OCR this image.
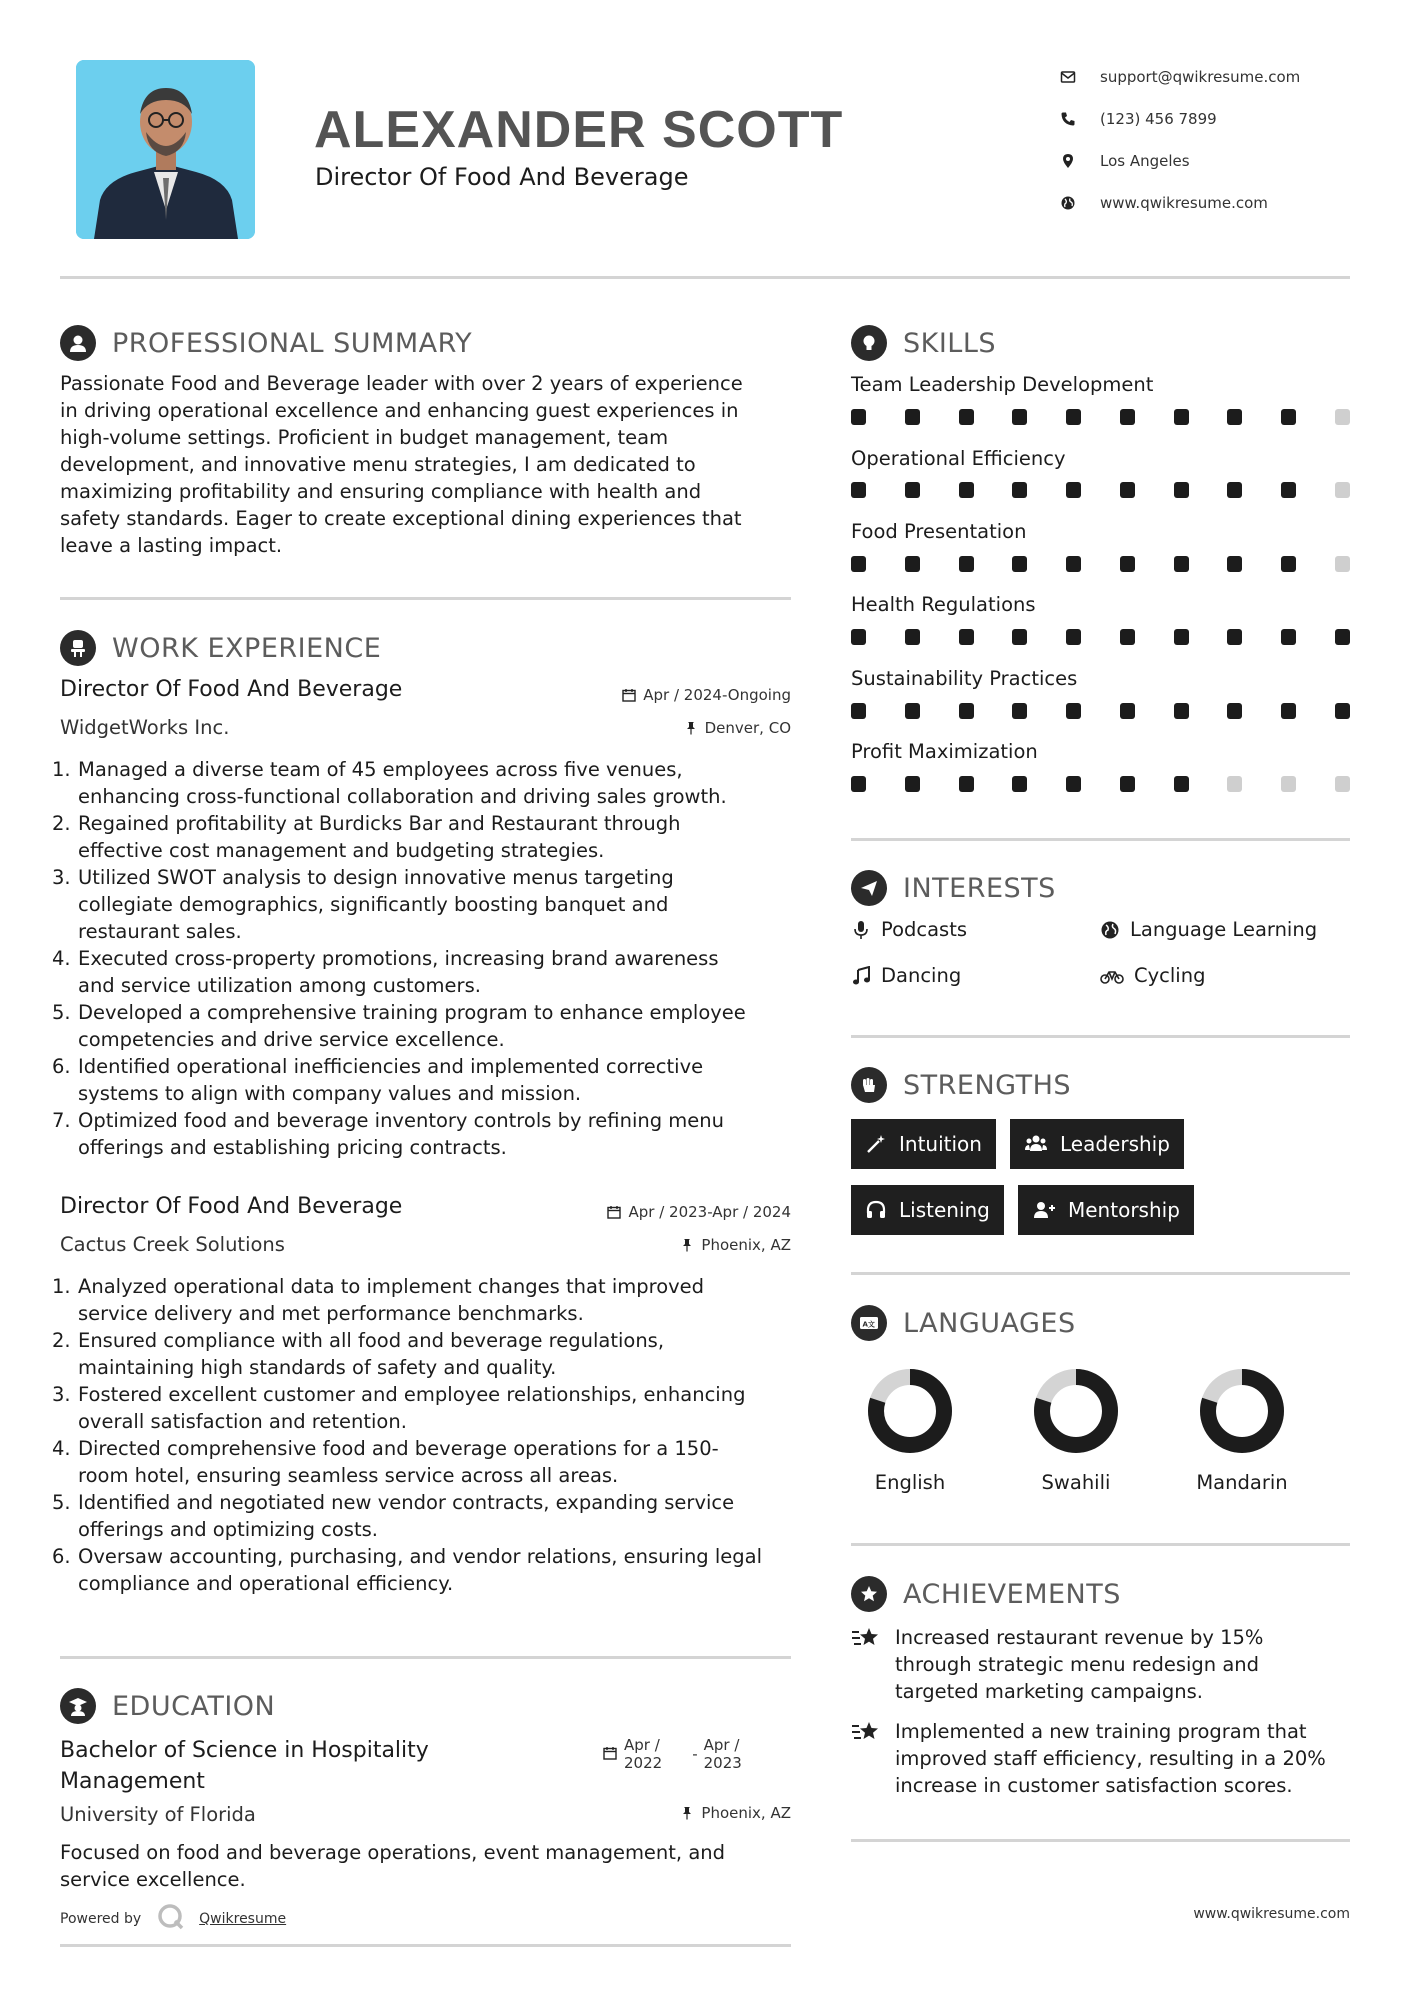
ALEXANDER SCOTT
Director Of Food And Beverage
support@qwikresume.com
(123) 456 7899
Los Angeles
www.qwikresume.com
PROFESSIONAL SUMMARY
Passionate Food and Beverage leader with over 2 years of experience
in driving operational excellence and enhancing guest experiences in
high-volume settings. Proficient in budget management, team
development, and innovative menu strategies, I am dedicated to
maximizing profitability and ensuring compliance with health and
safety standards. Eager to create exceptional dining experiences that
leave a lasting impact.
WORK EXPERIENCE
Director Of Food And Beverage	Apr / 2024-Ongoing
WidgetWorks Inc.	Denver, CO
1. Managed a diverse team of 45 employees across five venues,
enhancing cross-functional collaboration and driving sales growth.
2. Regained profitability at Burdicks Bar and Restaurant through
effective cost management and budgeting strategies.
3. Utilized SWOT analysis to design innovative menus targeting
collegiate demographics, significantly boosting banquet and
restaurant sales.
4. Executed cross-property promotions, increasing brand awareness
and service utilization among customers.
5. Developed a comprehensive training program to enhance employee
competencies and drive service excellence.
6. Identified operational inefficiencies and implemented corrective
systems to align with company values and mission.
7. Optimized food and beverage inventory controls by refining menu
offerings and establishing pricing contracts.
Director Of Food And Beverage	Apr / 2023-Apr / 2024
Cactus Creek Solutions	Phoenix, AZ
1. Analyzed operational data to implement changes that improved
service delivery and met performance benchmarks.
2. Ensured compliance with all food and beverage regulations,
maintaining high standards of safety and quality.
3. Fostered excellent customer and employee relationships, enhancing
overall satisfaction and retention.
4. Directed comprehensive food and beverage operations for a 150-
room hotel, ensuring seamless service across all areas.
5. Identified and negotiated new vendor contracts, expanding service
offerings and optimizing costs.
6. Oversaw accounting, purchasing, and vendor relations, ensuring legal
compliance and operational efficiency.
EDUCATION
Bachelor of Science in Hospitality
Management
Apr /
2022 - Apr /
2023
University of Florida	Phoenix, AZ
Focused on food and beverage operations, event management, and
service excellence.
SKILLS
Team Leadership Development
Operational Efficiency
Food Presentation
Health Regulations
Sustainability Practices
Profit Maximization
INTERESTS
Podcasts	Language Learning
Dancing	Cycling
STRENGTHS
Intuition	Leadership
Listening	Mentorship
A文 LANGUAGES
English	Swahili	Mandarin
ACHIEVEMENTS
Increased restaurant revenue by 15%
through strategic menu redesign and
targeted marketing campaigns.
Implemented a new training program that
improved staff efficiency, resulting in a 20%
increase in customer satisfaction scores.
Powered by	Qwikresume	www.qwikresume.com
